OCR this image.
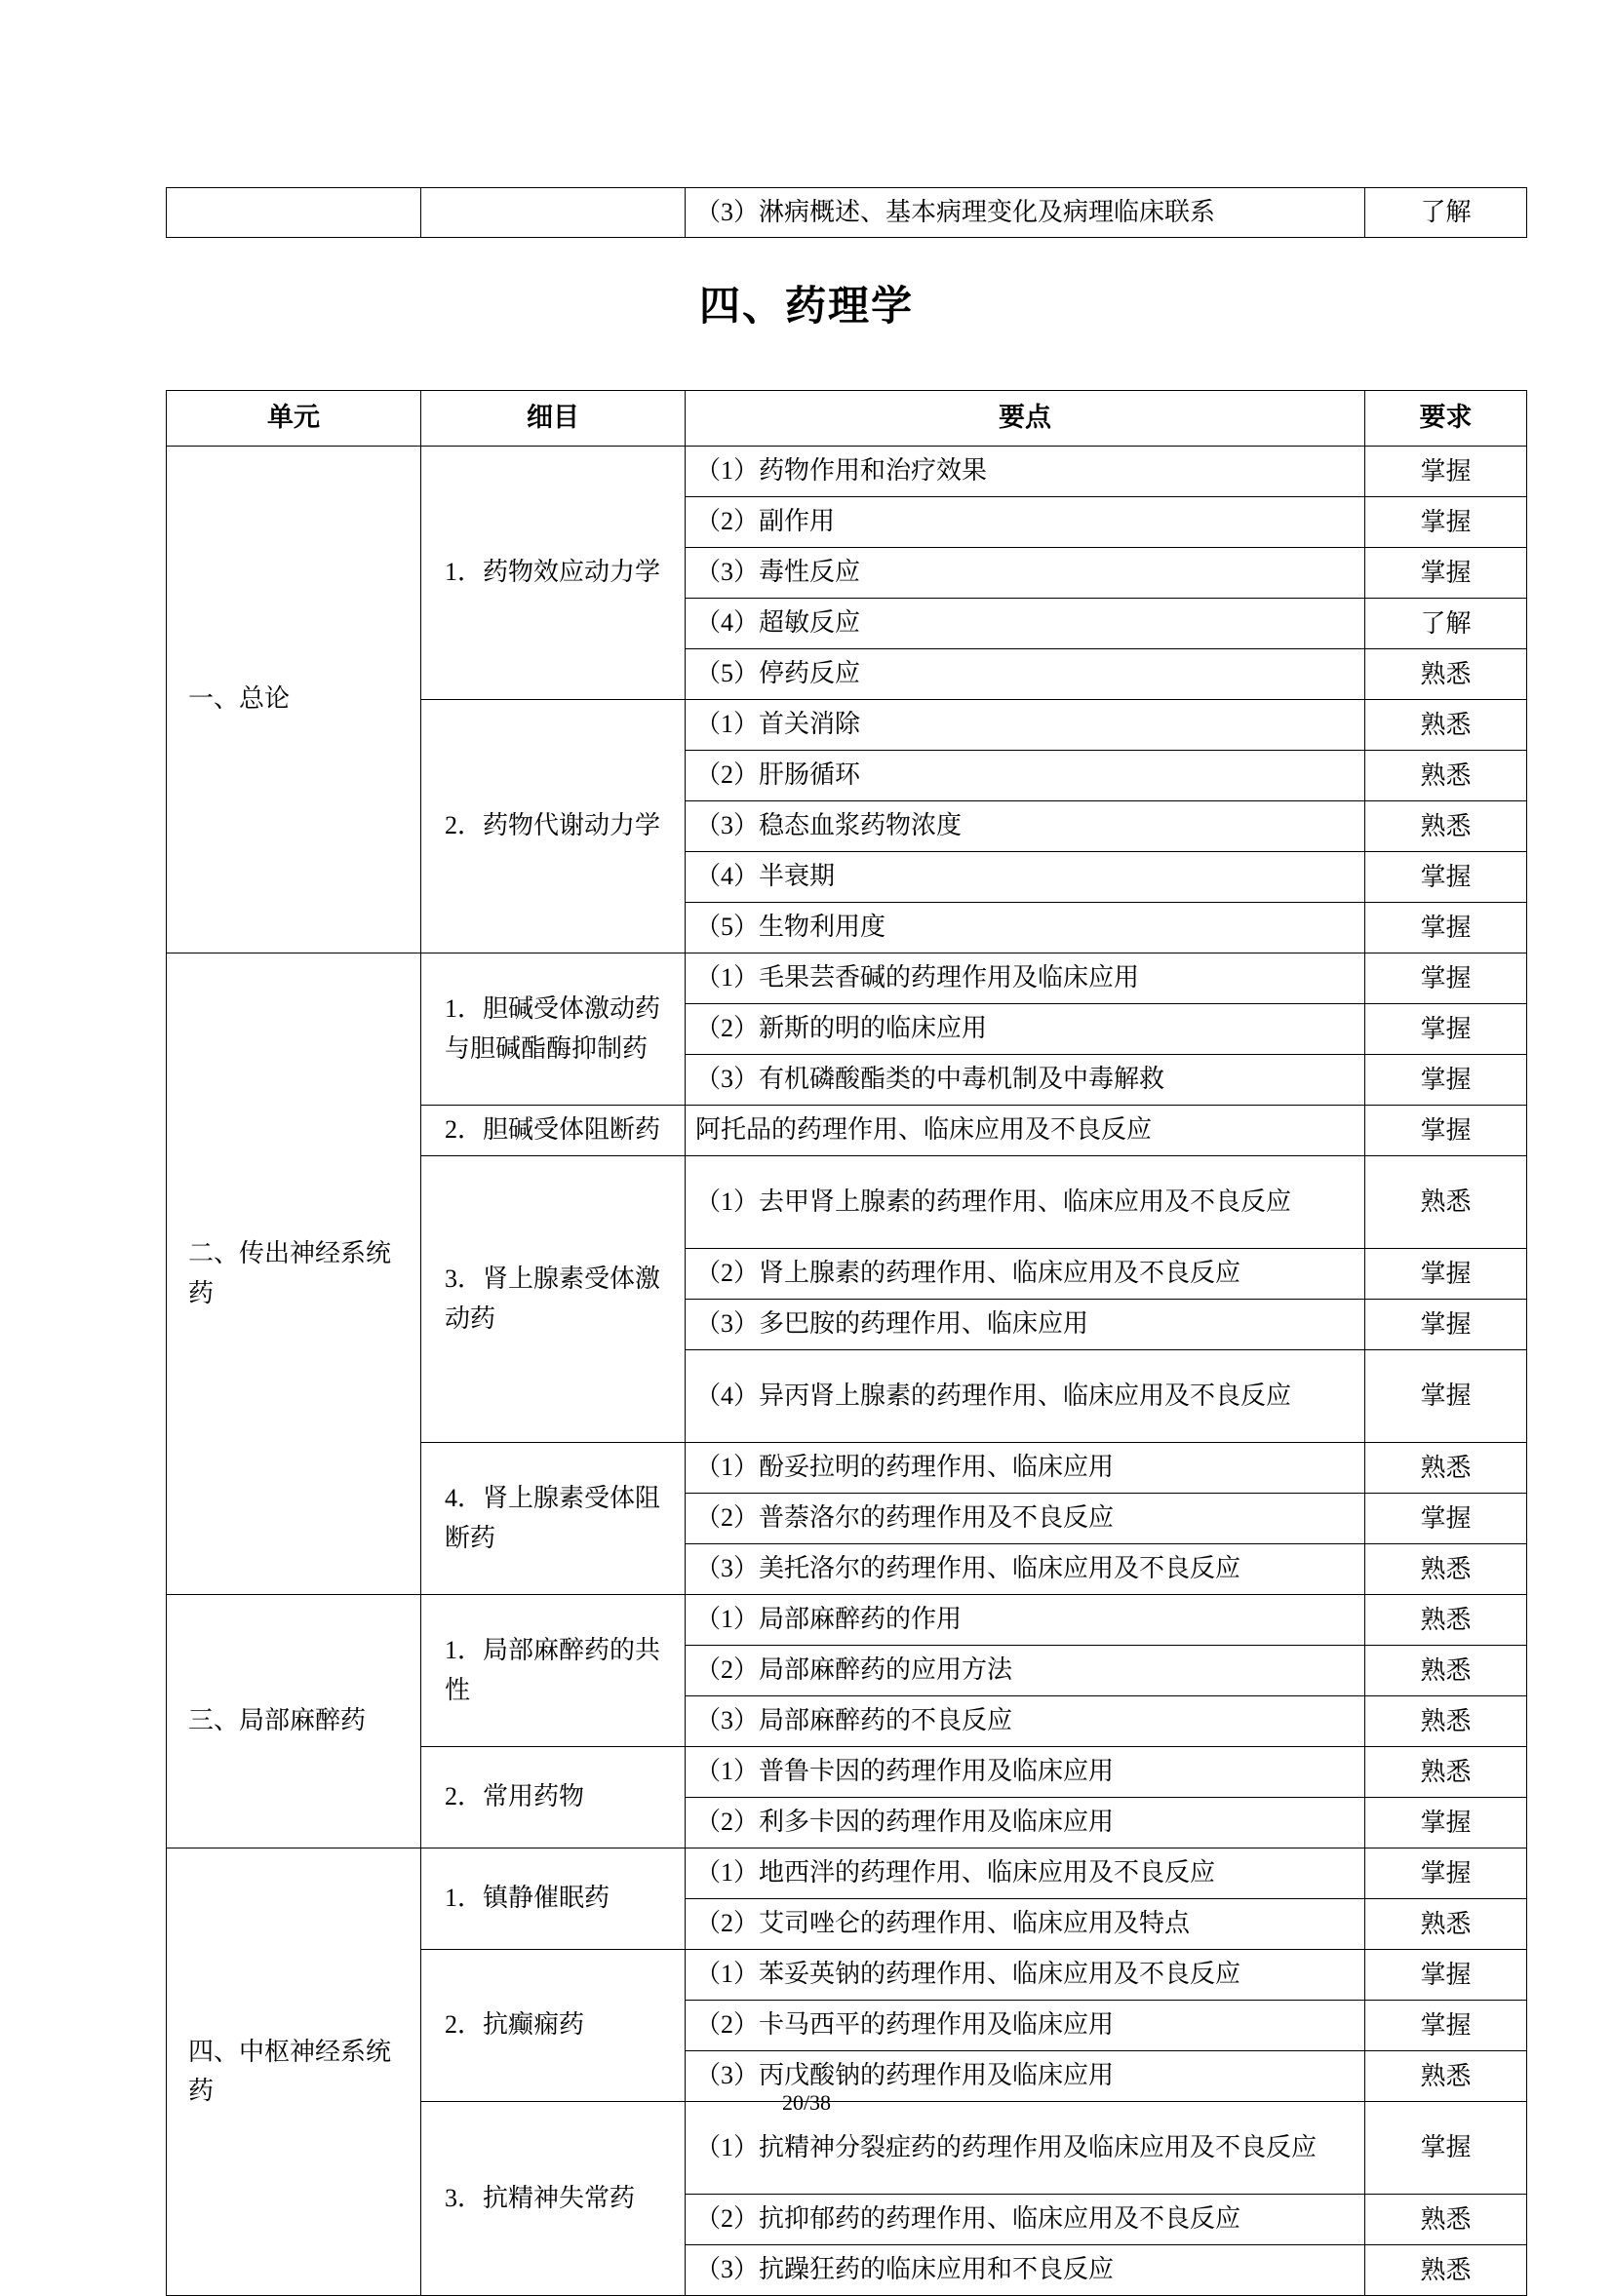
		（3）淋病概述、基本病理变化及病理临床联系	了解
四、药理学
单元	细目	要点	要求
一、总论	1．药物效应动力学	（1）药物作用和治疗效果	掌握
		（2）副作用	掌握
		（3）毒性反应	掌握
		（4）超敏反应	了解
		（5）停药反应	熟悉
	2．药物代谢动力学	（1）首关消除	熟悉
		（2）肝肠循环	熟悉
		（3）稳态血浆药物浓度	熟悉
		（4）半衰期	掌握
		（5）生物利用度	掌握
二、传出神经系统药	1．胆碱受体激动药与胆碱酯酶抑制药	（1）毛果芸香碱的药理作用及临床应用	掌握
		（2）新斯的明的临床应用	掌握
		（3）有机磷酸酯类的中毒机制及中毒解救	掌握
	2．胆碱受体阻断药	阿托品的药理作用、临床应用及不良反应	掌握
	3．肾上腺素受体激动药	（1）去甲肾上腺素的药理作用、临床应用及不良反应	熟悉
		（2）肾上腺素的药理作用、临床应用及不良反应	掌握
		（3）多巴胺的药理作用、临床应用	掌握
		（4）异丙肾上腺素的药理作用、临床应用及不良反应	掌握
	4．肾上腺素受体阻断药	（1）酚妥拉明的药理作用、临床应用	熟悉
		（2）普萘洛尔的药理作用及不良反应	掌握
		（3）美托洛尔的药理作用、临床应用及不良反应	熟悉
三、局部麻醉药	1．局部麻醉药的共性	（1）局部麻醉药的作用	熟悉
		（2）局部麻醉药的应用方法	熟悉
		（3）局部麻醉药的不良反应	熟悉
	2．常用药物	（1）普鲁卡因的药理作用及临床应用	熟悉
		（2）利多卡因的药理作用及临床应用	掌握
四、中枢神经系统药	1．镇静催眠药	（1）地西泮的药理作用、临床应用及不良反应	掌握
		（2）艾司唑仑的药理作用、临床应用及特点	熟悉
	2．抗癫痫药	（1）苯妥英钠的药理作用、临床应用及不良反应	掌握
		（2）卡马西平的药理作用及临床应用	掌握
		（3）丙戊酸钠的药理作用及临床应用	熟悉
	3．抗精神失常药	（1）抗精神分裂症药的药理作用及临床应用及不良反应	掌握
		（2）抗抑郁药的药理作用、临床应用及不良反应	熟悉
		（3）抗躁狂药的临床应用和不良反应	熟悉
20/38
